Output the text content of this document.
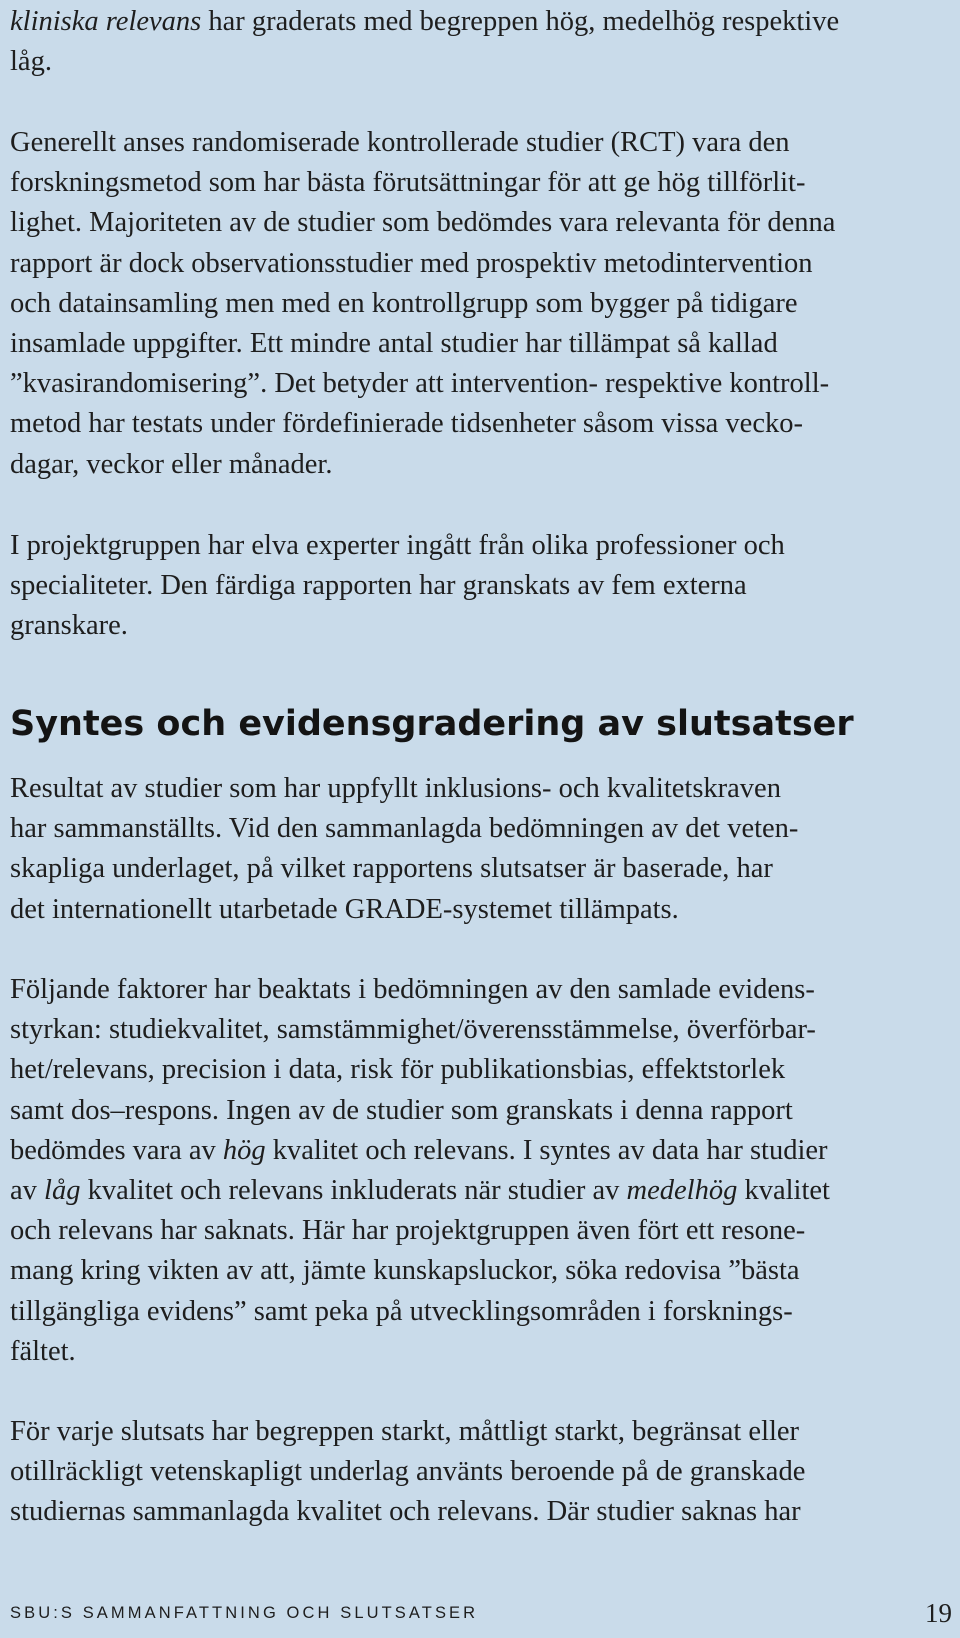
kliniska relevans har graderats med begreppen hög, medelhög respektive
låg.

Generellt anses randomiserade kontrollerade studier (RCT) vara den
forskningsmetod som har bästa förutsättningar för att ge hög tillförlit-
lighet. Majoriteten av de studier som bedömdes vara relevanta för denna
rapport är dock observationsstudier med prospektiv metodintervention
och datainsamling men med en kontrollgrupp som bygger på tidigare
insamlade uppgifter. Ett mindre antal studier har tillämpat så kallad
”kvasirandomisering”. Det betyder att intervention- respektive kontroll-
metod har testats under fördefinierade tidsenheter såsom vissa vecko-
dagar, veckor eller månader.

I projektgruppen har elva experter ingått från olika professioner och
specialiteter. Den färdiga rapporten har granskats av fem externa
granskare.

Syntes och evidensgradering av slutsatser

Resultat av studier som har uppfyllt inklusions- och kvalitetskraven
har sammanställts. Vid den sammanlagda bedömningen av det veten-
skapliga underlaget, på vilket rapportens slutsatser är baserade, har
det internationellt utarbetade GRADE-systemet tillämpats.

Följande faktorer har beaktats i bedömningen av den samlade evidens-
styrkan: studiekvalitet, samstämmighet/överensstämmelse, överförbar-
het/relevans, precision i data, risk för publikationsbias, effektstorlek
samt dos–respons. Ingen av de studier som granskats i denna rapport
bedömdes vara av hög kvalitet och relevans. I syntes av data har studier
av låg kvalitet och relevans inkluderats när studier av medelhög kvalitet
och relevans har saknats. Här har projektgruppen även fört ett resone-
mang kring vikten av att, jämte kunskapsluckor, söka redovisa ”bästa
tillgängliga evidens” samt peka på utvecklingsområden i forsknings-
fältet.

För varje slutsats har begreppen starkt, måttligt starkt, begränsat eller
otillräckligt vetenskapligt underlag använts beroende på de granskade
studiernas sammanlagda kvalitet och relevans. Där studier saknas har

SBU:S SAMMANFATTNING OCH SLUTSATSER	19
